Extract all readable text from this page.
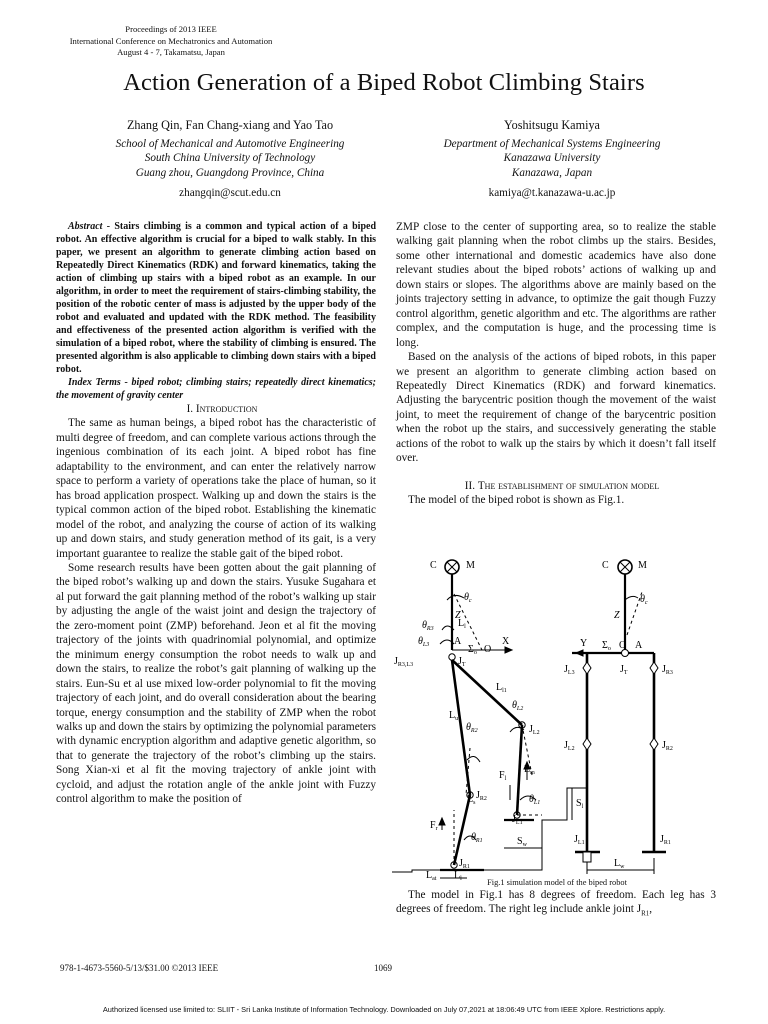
Proceedings of 2013 IEEE
International Conference on Mechatronics and Automation
August 4 - 7, Takamatsu, Japan
Action Generation of a Biped Robot Climbing Stairs
Zhang Qin, Fan Chang-xiang and Yao Tao
School of Mechanical and Automotive Engineering
South China University of Technology
Guang zhou, Guangdong Province, China
zhangqin@scut.edu.cn
Yoshitsugu Kamiya
Department of Mechanical Systems Engineering
Kanazawa University
Kanazawa, Japan
kamiya@t.kanazawa-u.ac.jp

Abstract - Stairs climbing is a common and typical action of a biped robot. An effective algorithm is crucial for a biped to walk stably. In this paper, we present an algorithm to generate climbing action based on Repeatedly Direct Kinematics (RDK) and forward kinematics, taking the action of climbing up stairs with a biped robot as an example. In our algorithm, in order to meet the requirement of stairs-climbing stability, the position of the robotic center of mass is adjusted by the upper body of the robot and evaluated and updated with the RDK method. The feasibility and effectiveness of the presented action algorithm is verified with the simulation of a biped robot, where the stability of climbing is ensured. The presented algorithm is also applicable to climbing down stairs with a biped robot.

Index Terms - biped robot; climbing stairs; repeatedly direct kinematics; the movement of gravity center

I. Introduction

The same as human beings, a biped robot has the characteristic of multi degree of freedom, and can complete various actions through the ingenious combination of its each joint. A biped robot has fine adaptability to the environment, and can enter the relatively narrow space to perform a variety of operations take the place of human, so it has broad application prospect. Walking up and down the stairs is the typical common action of the biped robot. Establishing the kinematic model of the robot, and analyzing the course of action of its walking up and down stairs, and study generation method of its gait, is a very important guarantee to realize the stable gait of the biped robot.

Some research results have been gotten about the gait planning of the biped robot’s walking up and down the stairs. Yusuke Sugahara et al put forward the gait planning method of the robot’s walking up stair by adjusting the angle of the waist joint and design the trajectory of the zero-moment point (ZMP) beforehand. Jeon et al fit the moving trajectory of the joints with quadrinomial polynomial, and optimize the minimum energy consumption the robot needs to walk up and down the stairs, to realize the robot’s gait planning of walking up the stairs. Eun-Su et al use mixed low-order polynomial to fit the moving trajectory of each joint, and do overall consideration about the bearing torque, energy consumption and the stability of ZMP when the robot walks up and down the stairs by optimizing the polynomial parameters with dynamic encryption algorithm and adaptive genetic algorithm, so that to generate the trajectory of the robot’s climbing up the stairs. Song Xian-xi et al fit the moving trajectory of ankle joint with cycloid, and adjust the rotation angle of the ankle joint with Fuzzy control algorithm to make the position of

ZMP close to the center of supporting area, so to realize the stable walking gait planning when the robot climbs up the stairs. Besides, some other international and domestic academics have also done relevant studies about the biped robots’ actions of walking up and down stairs or slopes. The algorithms above are mainly based on the joints trajectory setting in advance, to optimize the gait though Fuzzy control algorithm, genetic algorithm and etc. The algorithms are rather complex, and the computation is huge, and the processing time is long.

Based on the analysis of the actions of biped robots, in this paper we present an algorithm to generate climbing action based on Repeatedly Direct Kinematics (RDK) and forward kinematics. Adjusting the barycentric position though the movement of the waist joint, to meet the requirement of change of the barycentric position when the robot up the stairs, and successively generating the stable actions of the robot to walk up the stairs by which it doesn’t fall itself over.

II. The establishment of simulation model

The model of the biped robot is shown as Fig.1.

C	M
$\theta_c$
Z
$L_l$
$\theta_{R3}$
$\theta_{L3}$ A
$\Sigma_o$ O
X
$J_T$
$J_{R3,L3}$
$L_{l1}$
$\theta_{L2}$
$L_u$
$\theta_{R2}$	$J_{L2}$
$J_{R2}$
$F_l$
$L_m$
$\theta_{L1}$	$S_l$
$L_s$
$F_r$
$J_{L1}$
$\theta_{R1}$	$S_w$
$J_{R1}$
$L_{at}$ $L_l$
C	M
$\theta_c$
Z
Y $\Sigma_o$ O A
$J_{L3}$	$J_T$	$J_{R3}$
$J_{L2}$	$J_{R2}$
$J_{L1}$	$J_{R1}$
$L_w$
Fig.1 simulation model of the biped robot

The model in Fig.1 has 8 degrees of freedom. Each leg has 3 degrees of freedom. The right leg include ankle joint $J_{R1}$,

978-1-4673-5560-5/13/$31.00 ©2013 IEEE	1069
Authorized licensed use limited to: SLIIT - Sri Lanka Institute of Information Technology. Downloaded on July 07,2021 at 18:06:49 UTC from IEEE Xplore. Restrictions apply.
